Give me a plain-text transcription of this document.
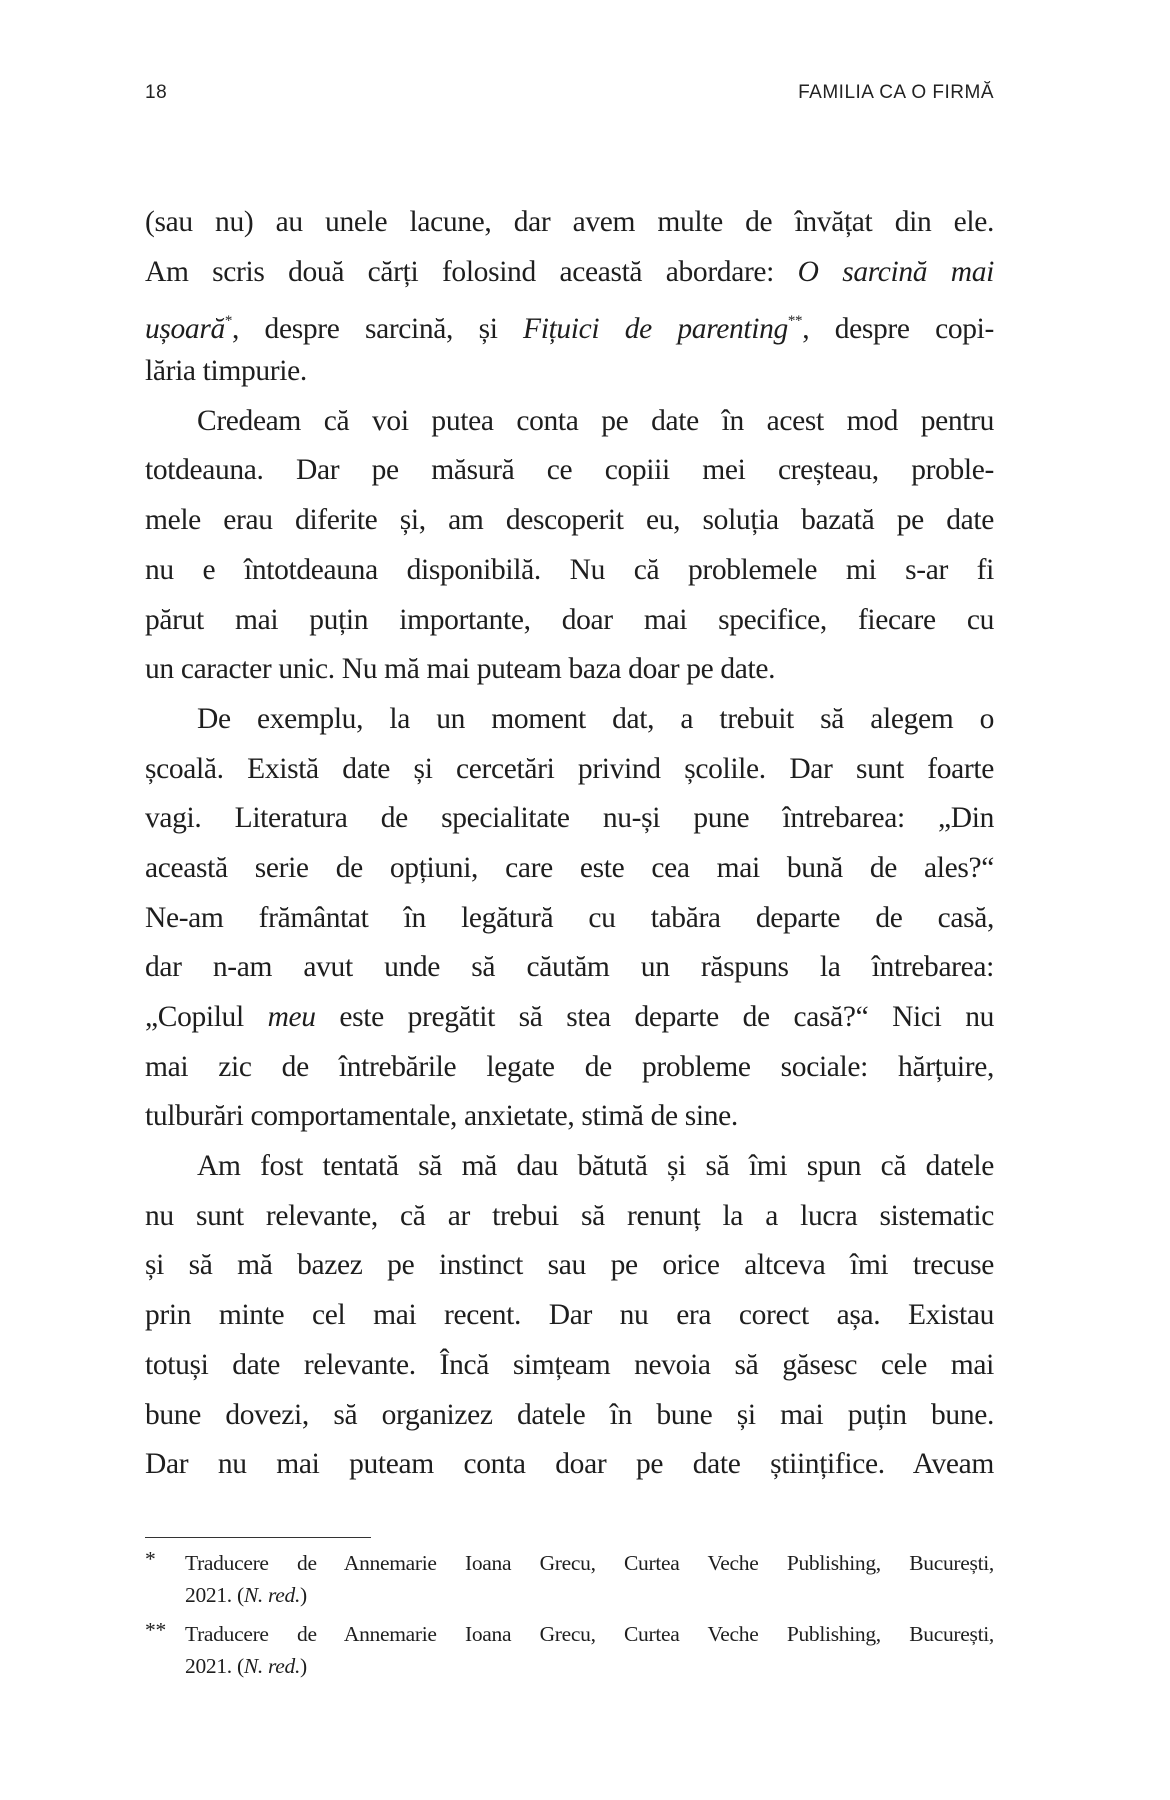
18	FAMILIA CA O FIRMĂ
(sau nu) au unele lacune, dar avem multe de învățat din ele.
Am scris două cărți folosind această abordare: O sarcină mai
ușoară*, despre sarcină, și Fițuici de parenting**, despre copi-
lăria timpurie.
Credeam că voi putea conta pe date în acest mod pentru
totdeauna. Dar pe măsură ce copiii mei creșteau, proble-
mele erau diferite și, am descoperit eu, soluția bazată pe date
nu e întotdeauna disponibilă. Nu că problemele mi s-ar fi
părut mai puțin importante, doar mai specifice, fiecare cu
un caracter unic. Nu mă mai puteam baza doar pe date.
De exemplu, la un moment dat, a trebuit să alegem o
școală. Există date și cercetări privind școlile. Dar sunt foarte
vagi. Literatura de specialitate nu-și pune întrebarea: „Din
această serie de opțiuni, care este cea mai bună de ales?“
Ne-am frământat în legătură cu tabăra departe de casă,
dar n-am avut unde să căutăm un răspuns la întrebarea:
„Copilul meu este pregătit să stea departe de casă?“ Nici nu
mai zic de întrebările legate de probleme sociale: hărțuire,
tulburări comportamentale, anxietate, stimă de sine.
Am fost tentată să mă dau bătută și să îmi spun că datele
nu sunt relevante, că ar trebui să renunț la a lucra sistematic
și să mă bazez pe instinct sau pe orice altceva îmi trecuse
prin minte cel mai recent. Dar nu era corect așa. Existau
totuși date relevante. Încă simțeam nevoia să găsesc cele mai
bune dovezi, să organizez datele în bune și mai puțin bune.
Dar nu mai puteam conta doar pe date științifice. Aveam
*	Traducere de Annemarie Ioana Grecu, Curtea Veche Publishing, București,
2021. (N. red.)
** Traducere de Annemarie Ioana Grecu, Curtea Veche Publishing, București,
2021. (N. red.)
